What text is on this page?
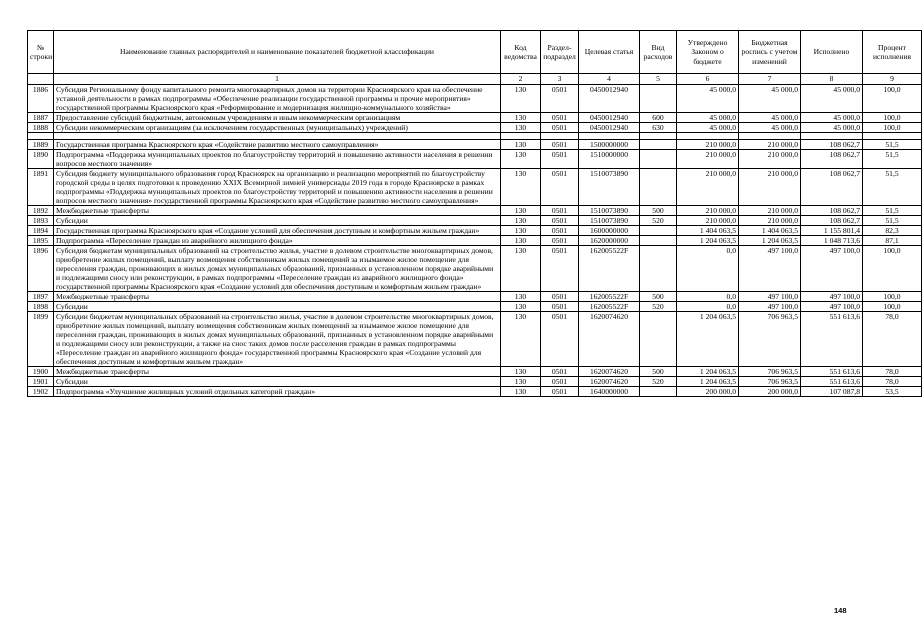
№ строки	Наименование главных распорядителей и наименование показателей бюджетной классификации	Код ведомства	Раздел-подраздел	Целевая статья	Вид расходов	Утверждено Законом о бюджете	Бюджетная роспись с учетом изменений	Исполнено	Процент исполнения
	1	2	3	4	5	6	7	8	9
1886	Субсидия Региональному фонду капитального ремонта многоквартирных домов на территории Красноярского края на обеспечение уставной деятельности в рамках подпрограммы «Обеспечение реализации государственной программы и прочие мероприятия» государственной программы Красноярского края «Реформирование и модернизация жилищно-коммунального хозяйства»	130	0501	0450012940		45 000,0	45 000,0	45 000,0	100,0
1887	Предоставление субсидий бюджетным, автономным учреждениям и иным некоммерческим организациям	130	0501	0450012940	600	45 000,0	45 000,0	45 000,0	100,0
1888	Субсидии некоммерческим организациям (за исключением государственных (муниципальных) учреждений)	130	0501	0450012940	630	45 000,0	45 000,0	45 000,0	100,0

1889	Государственная программа Красноярского края «Содействие развитию местного самоуправления»	130	0501	1500000000		210 000,0	210 000,0	108 062,7	51,5
1890	Подпрограмма «Поддержка муниципальных проектов по благоустройству территорий и повышению активности населения в решении вопросов местного значения»	130	0501	1510000000		210 000,0	210 000,0	108 062,7	51,5
1891	Субсидия бюджету муниципального образования город Красноярск на организацию и реализацию мероприятий по благоустройству городской среды в целях подготовки к проведению XXIX Всемирной зимней универсиады 2019 года в городе Красноярске в рамках подпрограммы «Поддержка муниципальных проектов по благоустройству территорий и повышению активности населения в решении вопросов местного значения» государственной программы Красноярского края «Содействие развитию местного самоуправления»	130	0501	1510073890		210 000,0	210 000,0	108 062,7	51,5
1892	Межбюджетные трансферты	130	0501	1510073890	500	210 000,0	210 000,0	108 062,7	51,5
1893	Субсидии	130	0501	1510073890	520	210 000,0	210 000,0	108 062,7	51,5
1894	Государственная программа Красноярского края «Создание условий для обеспечения доступным и комфортным жильем граждан»	130	0501	1600000000		1 404 063,5	1 404 063,5	1 155 801,4	82,3
1895	Подпрограмма «Переселение граждан из аварийного жилищного фонда»	130	0501	1620000000		1 204 063,5	1 204 063,5	1 048 713,6	87,1
1896	Субсидия бюджетам муниципальных образований на строительство жилья, участие в долевом строительстве многоквартирных домов, приобретение жилых помещений, выплату возмещения собственникам жилых помещений за изымаемое жилое помещение для переселения граждан, проживающих в жилых домах муниципальных образований, признанных в установленном порядке аварийными и подлежащими сносу или реконструкции, в рамках подпрограммы «Переселение граждан из аварийного жилищного фонда» государственной программы Красноярского края «Создание условий для обеспечения доступным и комфортным жильем граждан»	130	0501	162005522F		0,0	497 100,0	497 100,0	100,0
1897	Межбюджетные трансферты	130	0501	162005522F	500	0,0	497 100,0	497 100,0	100,0
1898	Субсидии	130	0501	162005522F	520	0,0	497 100,0	497 100,0	100,0
1899	Субсидии бюджетам муниципальных образований на строительство жилья, участие в долевом строительстве многоквартирных домов, приобретение жилых помещений, выплату возмещения собственникам жилых помещений за изымаемое жилое помещение для переселения граждан, проживающих в жилых домах муниципальных образований, признанных в установленном порядке аварийными и подлежащими сносу или реконструкции, а также на снос таких домов после расселения граждан в рамках подпрограммы «Переселение граждан из аварийного жилищного фонда» государственной программы Красноярского края «Создание условий для обеспечения доступным и комфортным жильем граждан»	130	0501	1620074620		1 204 063,5	706 963,5	551 613,6	78,0
1900	Межбюджетные трансферты	130	0501	1620074620	500	1 204 063,5	706 963,5	551 613,6	78,0
1901	Субсидии	130	0501	1620074620	520	1 204 063,5	706 963,5	551 613,6	78,0
1902	Подпрограмма «Улучшение жилищных условий отдельных категорий граждан»	130	0501	1640000000		200 000,0	200 000,0	107 087,8	53,5
148
